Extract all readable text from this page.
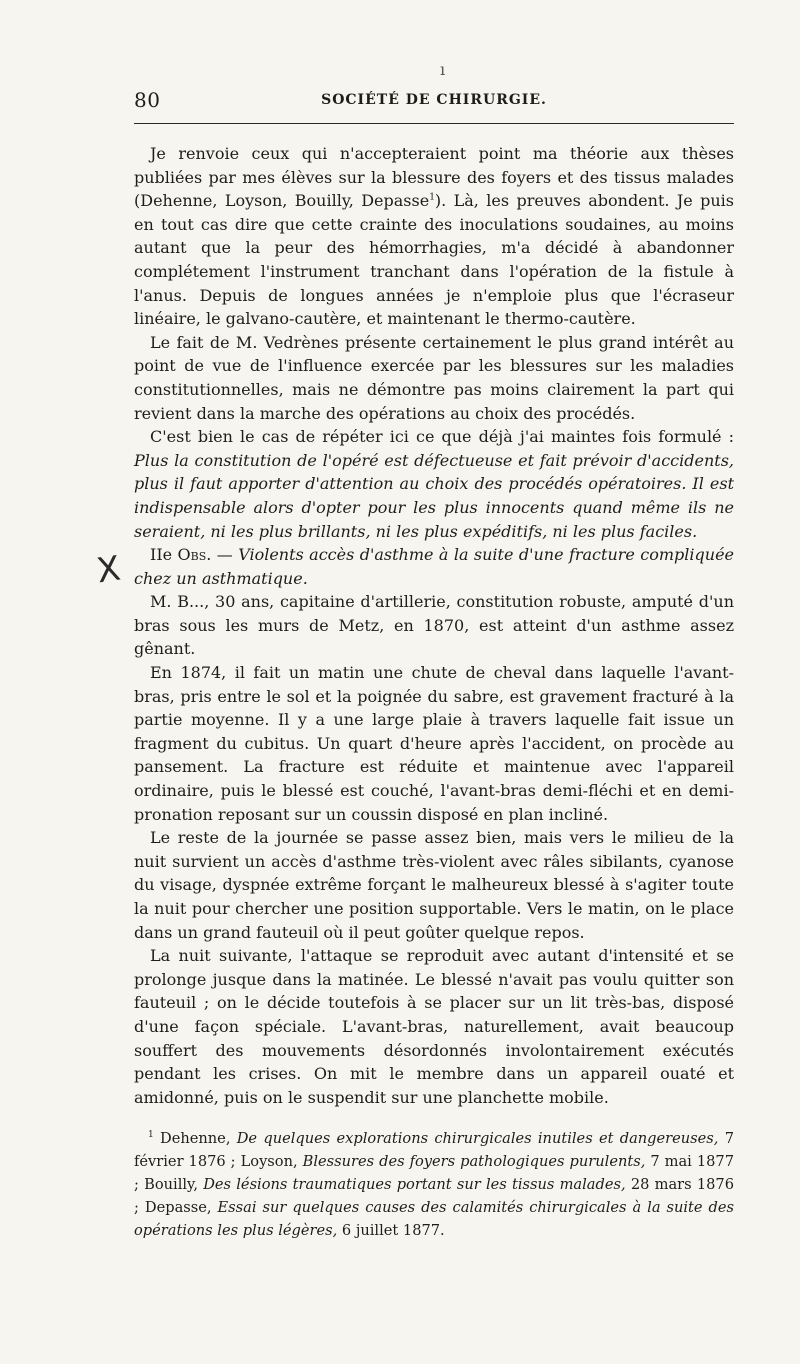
ı
80	SOCIÉTÉ DE CHIRURGIE.
X

Je renvoie ceux qui n'accepteraient point ma théorie aux thèses publiées par mes élèves sur la blessure des foyers et des tissus malades (Dehenne, Loyson, Bouilly, Depasse$^1$). Là, les preuves abondent. Je puis en tout cas dire que cette crainte des inoculations soudaines, au moins autant que la peur des hémorrhagies, m'a décidé à abandonner complétement l'instrument tranchant dans l'opération de la fistule à l'anus. Depuis de longues années je n'emploie plus que l'écraseur linéaire, le galvano-cautère, et maintenant le thermo-cautère.

Le fait de M. Vedrènes présente certainement le plus grand intérêt au point de vue de l'influence exercée par les blessures sur les maladies constitutionnelles, mais ne démontre pas moins clairement la part qui revient dans la marche des opérations au choix des procédés.

C'est bien le cas de répéter ici ce que déjà j'ai maintes fois formulé : Plus la constitution de l'opéré est défectueuse et fait prévoir d'accidents, plus il faut apporter d'attention au choix des procédés opératoires. Il est indispensable alors d'opter pour les plus innocents quand même ils ne seraient, ni les plus brillants, ni les plus expéditifs, ni les plus faciles.

IIe Obs. — Violents accès d'asthme à la suite d'une fracture compliquée chez un asthmatique.

M. B..., 30 ans, capitaine d'artillerie, constitution robuste, amputé d'un bras sous les murs de Metz, en 1870, est atteint d'un asthme assez gênant.

En 1874, il fait un matin une chute de cheval dans laquelle l'avant-bras, pris entre le sol et la poignée du sabre, est gravement fracturé à la partie moyenne. Il y a une large plaie à travers laquelle fait issue un fragment du cubitus. Un quart d'heure après l'accident, on procède au pansement. La fracture est réduite et maintenue avec l'appareil ordinaire, puis le blessé est couché, l'avant-bras demi-fléchi et en demi-pronation reposant sur un coussin disposé en plan incliné.

Le reste de la journée se passe assez bien, mais vers le milieu de la nuit survient un accès d'asthme très-violent avec râles sibilants, cyanose du visage, dyspnée extrême forçant le malheureux blessé à s'agiter toute la nuit pour chercher une position supportable. Vers le matin, on le place dans un grand fauteuil où il peut goûter quelque repos.

La nuit suivante, l'attaque se reproduit avec autant d'intensité et se prolonge jusque dans la matinée. Le blessé n'avait pas voulu quitter son fauteuil ; on le décide toutefois à se placer sur un lit très-bas, disposé d'une façon spéciale. L'avant-bras, naturellement, avait beaucoup souffert des mouvements désordonnés involontairement exécutés pendant les crises. On mit le membre dans un appareil ouaté et amidonné, puis on le suspendit sur une planchette mobile.

$^1$ Dehenne, De quelques explorations chirurgicales inutiles et dangereuses, 7 février 1876 ; Loyson, Blessures des foyers pathologiques purulents, 7 mai 1877 ; Bouilly, Des lésions traumatiques portant sur les tissus malades, 28 mars 1876 ; Depasse, Essai sur quelques causes des calamités chirurgicales à la suite des opérations les plus légères, 6 juillet 1877.
